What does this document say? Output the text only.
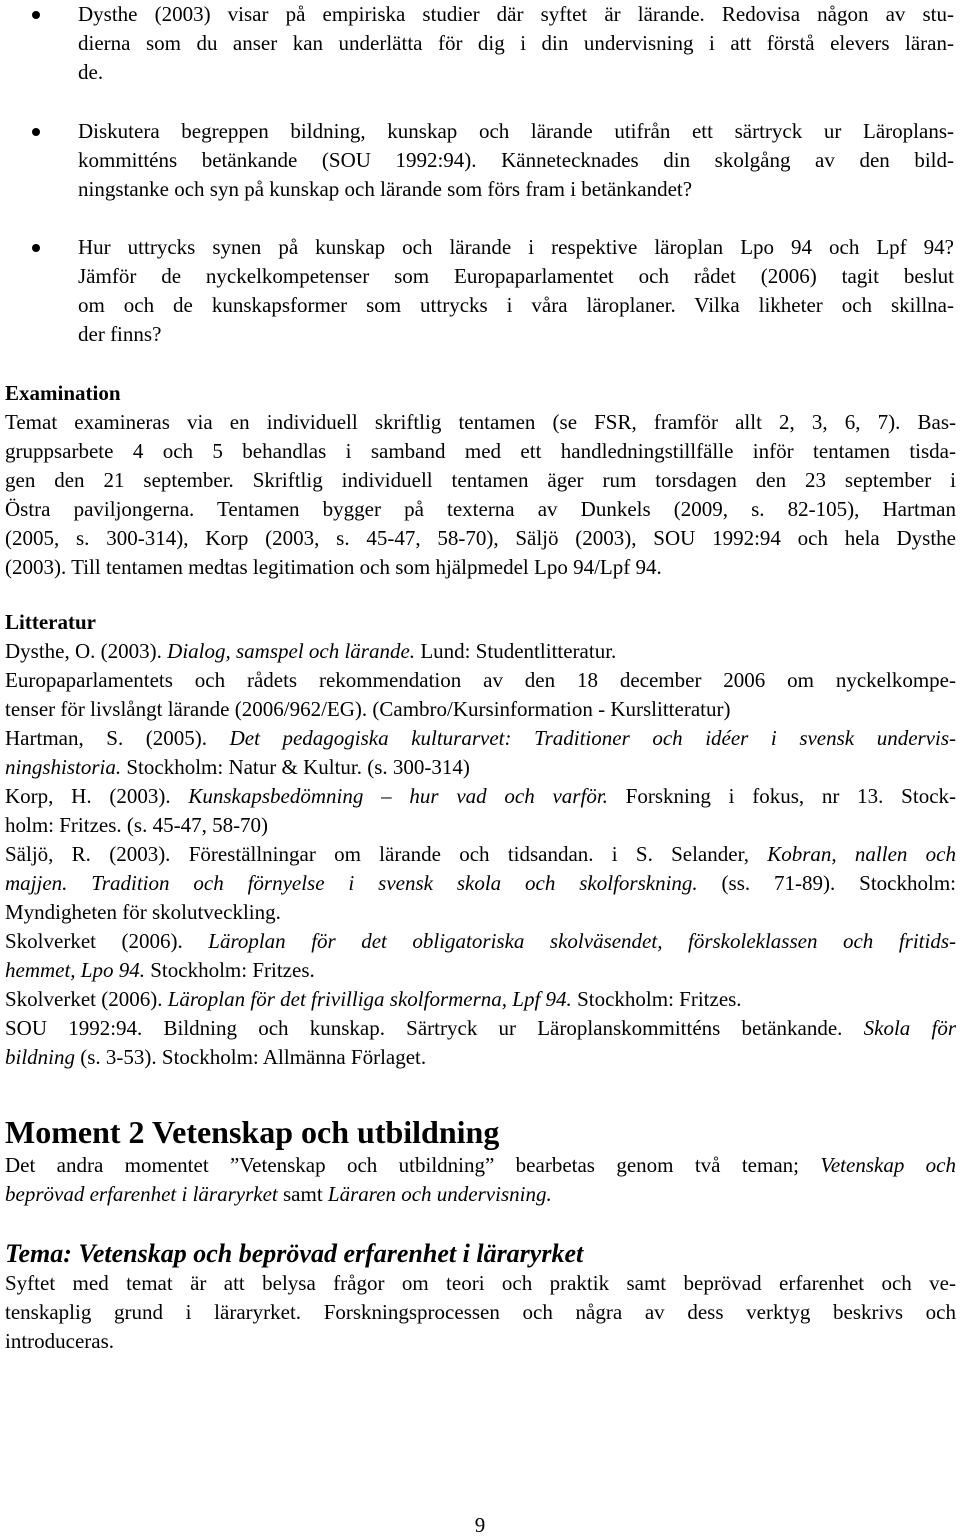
Dysthe (2003) visar på empiriska studier där syftet är lärande. Redovisa någon av stu-
dierna som du anser kan underlätta för dig i din undervisning i att förstå elevers läran-
de.
Diskutera begreppen bildning, kunskap och lärande utifrån ett särtryck ur Läroplans-
kommitténs betänkande (SOU 1992:94). Kännetecknades din skolgång av den bild-
ningstanke och syn på kunskap och lärande som förs fram i betänkandet?
Hur uttrycks synen på kunskap och lärande i respektive läroplan Lpo 94 och Lpf 94?
Jämför de nyckelkompetenser som Europaparlamentet och rådet (2006) tagit beslut
om och de kunskapsformer som uttrycks i våra läroplaner. Vilka likheter och skillna-
der finns?
Examination
Temat examineras via en individuell skriftlig tentamen (se FSR, framför allt 2, 3, 6, 7). Bas-
gruppsarbete 4 och 5 behandlas i samband med ett handledningstillfälle inför tentamen tisda-
gen den 21 september. Skriftlig individuell tentamen äger rum torsdagen den 23 september i
Östra paviljongerna. Tentamen bygger på texterna av Dunkels (2009, s. 82-105), Hartman
(2005, s. 300-314), Korp (2003, s. 45-47, 58-70), Säljö (2003), SOU 1992:94 och hela Dysthe
(2003). Till tentamen medtas legitimation och som hjälpmedel Lpo 94/Lpf 94.
Litteratur
Dysthe, O. (2003). Dialog, samspel och lärande. Lund: Studentlitteratur.
Europaparlamentets och rådets rekommendation av den 18 december 2006 om nyckelkompe-
tenser för livslångt lärande (2006/962/EG). (Cambro/Kursinformation - Kurslitteratur)
Hartman, S. (2005). Det pedagogiska kulturarvet: Traditioner och idéer i svensk undervis-
ningshistoria. Stockholm: Natur & Kultur. (s. 300-314)
Korp, H. (2003). Kunskapsbedömning – hur vad och varför. Forskning i fokus, nr 13. Stock-
holm: Fritzes. (s. 45-47, 58-70)
Säljö, R. (2003). Föreställningar om lärande och tidsandan. i S. Selander, Kobran, nallen och
majjen. Tradition och förnyelse i svensk skola och skolforskning. (ss. 71-89). Stockholm:
Myndigheten för skolutveckling.
Skolverket (2006). Läroplan för det obligatoriska skolväsendet, förskoleklassen och fritids-
hemmet, Lpo 94. Stockholm: Fritzes.
Skolverket (2006). Läroplan för det frivilliga skolformerna, Lpf 94. Stockholm: Fritzes.
SOU 1992:94. Bildning och kunskap. Särtryck ur Läroplanskommitténs betänkande. Skola för
bildning (s. 3-53). Stockholm: Allmänna Förlaget.
Moment 2 Vetenskap och utbildning
Det andra momentet ”Vetenskap och utbildning” bearbetas genom två teman; Vetenskap och
beprövad erfarenhet i läraryrket samt Läraren och undervisning.
Tema: Vetenskap och beprövad erfarenhet i läraryrket
Syftet med temat är att belysa frågor om teori och praktik samt beprövad erfarenhet och ve-
tenskaplig grund i läraryrket. Forskningsprocessen och några av dess verktyg beskrivs och
introduceras.
9
